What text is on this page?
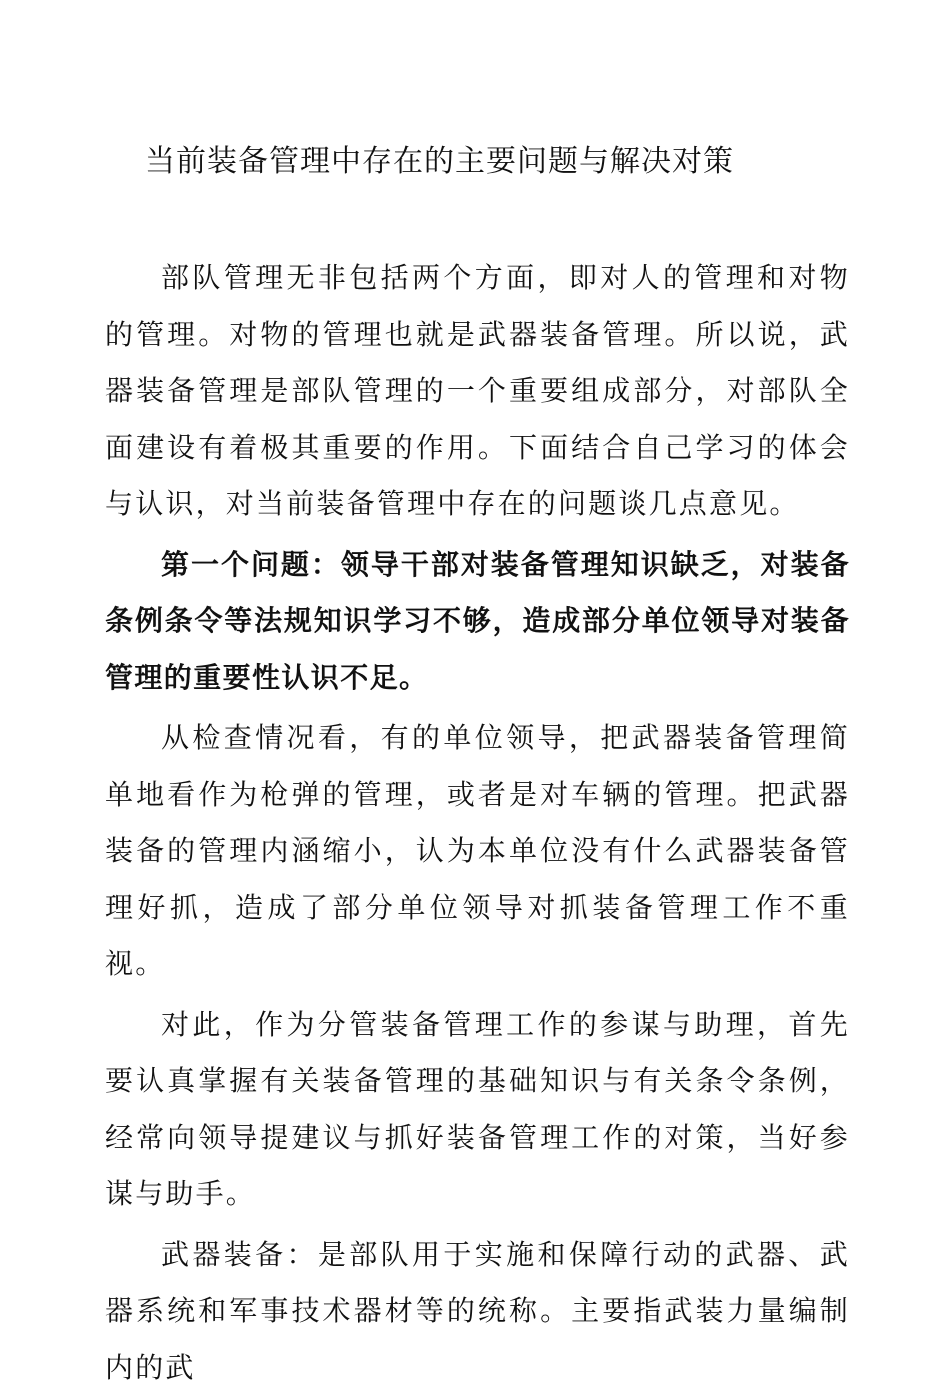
当前装备管理中存在的主要问题与解决对策

部队管理无非包括两个方面，即对人的管理和对物的管理。对物的管理也就是武器装备管理。所以说，武器装备管理是部队管理的一个重要组成部分，对部队全面建设有着极其重要的作用。下面结合自己学习的体会与认识，对当前装备管理中存在的问题谈几点意见。

第一个问题：领导干部对装备管理知识缺乏，对装备条例条令等法规知识学习不够，造成部分单位领导对装备管理的重要性认识不足。

从检查情况看，有的单位领导，把武器装备管理简单地看作为枪弹的管理，或者是对车辆的管理。把武器装备的管理内涵缩小，认为本单位没有什么武器装备管理好抓，造成了部分单位领导对抓装备管理工作不重视。

对此，作为分管装备管理工作的参谋与助理，首先要认真掌握有关装备管理的基础知识与有关条令条例，经常向领导提建议与抓好装备管理工作的对策，当好参谋与助手。

武器装备：是部队用于实施和保障行动的武器、武器系统和军事技术器材等的统称。主要指武装力量编制内的武
